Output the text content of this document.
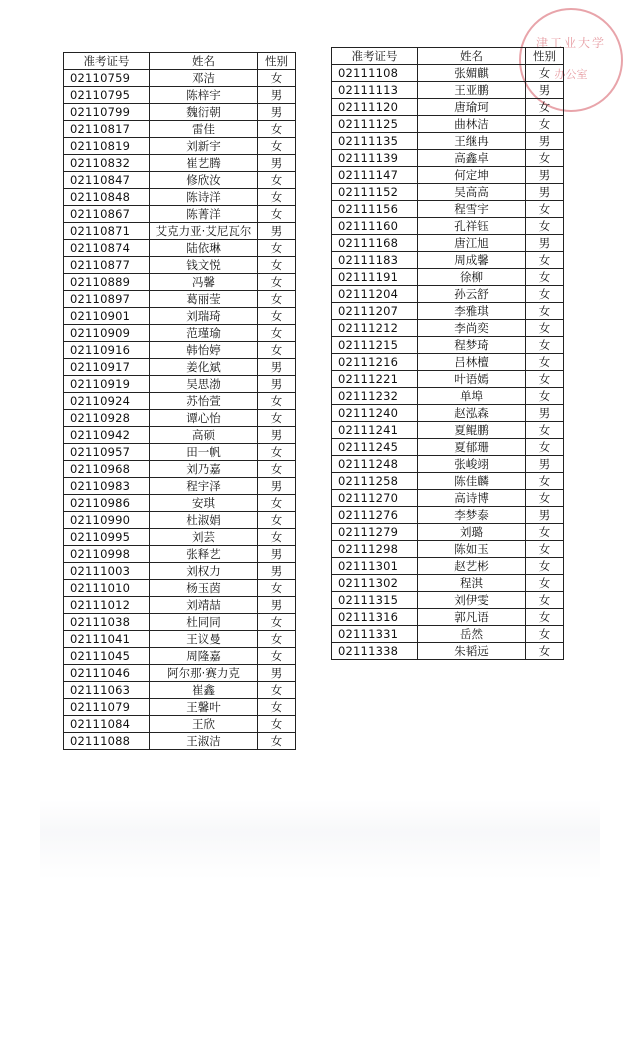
津工业大学
办公室
准考证号	姓名	性别
02110759	邓洁	女
02110795	陈梓宇	男
02110799	魏衍朝	男
02110817	雷佳	女
02110819	刘新宇	女
02110832	崔艺腾	男
02110847	修欣汝	女
02110848	陈诗洋	女
02110867	陈菁洋	女
02110871	艾克力亚·艾尼瓦尔	男
02110874	陆依琳	女
02110877	钱文悦	女
02110889	冯馨	女
02110897	葛丽莹	女
02110901	刘瑞琦	女
02110909	范瑾瑜	女
02110916	韩怡婷	女
02110917	姜化斌	男
02110919	吴思渤	男
02110924	苏怡萱	女
02110928	谭心怡	女
02110942	高硕	男
02110957	田一帆	女
02110968	刘乃嘉	女
02110983	程宇泽	男
02110986	安琪	女
02110990	杜淑娟	女
02110995	刘芸	女
02110998	张释艺	男
02111003	刘权力	男
02111010	杨玉茵	女
02111012	刘靖喆	男
02111038	杜同同	女
02111041	王议曼	女
02111045	周隆嘉	女
02111046	阿尔那·赛力克	男
02111063	崔鑫	女
02111079	王馨叶	女
02111084	王欣	女
02111088	王淑洁	女
准考证号	姓名	性别
02111108	张媚麒	女
02111113	王亚鹏	男
02111120	唐瑜珂	女
02111125	曲林洁	女
02111135	王继冉	男
02111139	高鑫卓	女
02111147	何定坤	男
02111152	吴高高	男
02111156	程雪宇	女
02111160	孔祥钰	女
02111168	唐江旭	男
02111183	周成馨	女
02111191	徐柳	女
02111204	孙云舒	女
02111207	李雅琪	女
02111212	李尚奕	女
02111215	程梦琦	女
02111216	吕林檀	女
02111221	叶语嫣	女
02111232	单埠	女
02111240	赵泓森	男
02111241	夏鲲鹏	女
02111245	夏郁珊	女
02111248	张峻翊	男
02111258	陈佳麟	女
02111270	高诗博	女
02111276	李梦泰	男
02111279	刘璐	女
02111298	陈如玉	女
02111301	赵艺彬	女
02111302	程淇	女
02111315	刘伊雯	女
02111316	郭凡语	女
02111331	岳然	女
02111338	朱韬远	女
